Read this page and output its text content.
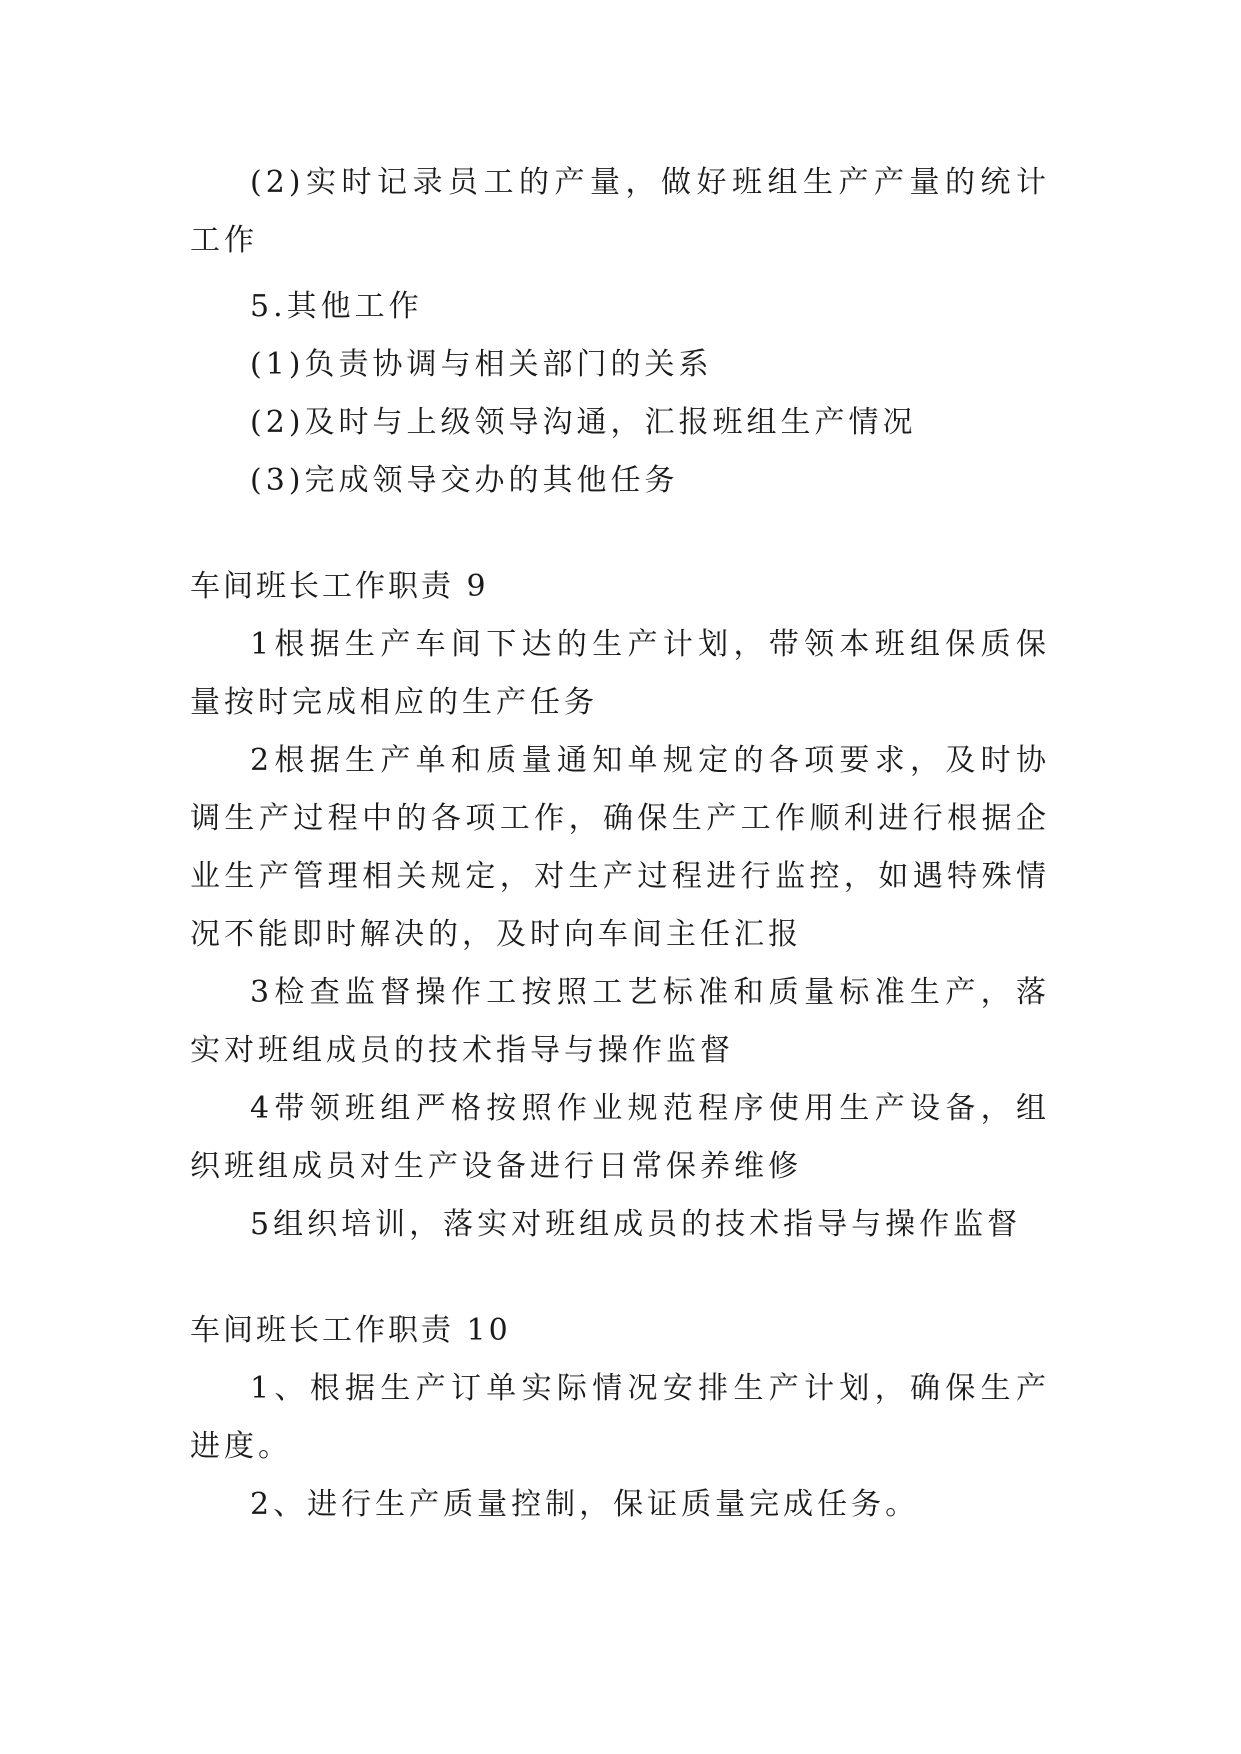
(2)实时记录员工的产量，做好班组生产产量的统计工作

5.其他工作

(1)负责协调与相关部门的关系

(2)及时与上级领导沟通，汇报班组生产情况

(3)完成领导交办的其他任务

车间班长工作职责 9

1根据生产车间下达的生产计划，带领本班组保质保量按时完成相应的生产任务

2根据生产单和质量通知单规定的各项要求，及时协调生产过程中的各项工作，确保生产工作顺利进行根据企业生产管理相关规定，对生产过程进行监控，如遇特殊情况不能即时解决的，及时向车间主任汇报

3检查监督操作工按照工艺标准和质量标准生产，落实对班组成员的技术指导与操作监督

4带领班组严格按照作业规范程序使用生产设备，组织班组成员对生产设备进行日常保养维修

5组织培训，落实对班组成员的技术指导与操作监督

车间班长工作职责 10

1、根据生产订单实际情况安排生产计划，确保生产进度。

2、进行生产质量控制，保证质量完成任务。
